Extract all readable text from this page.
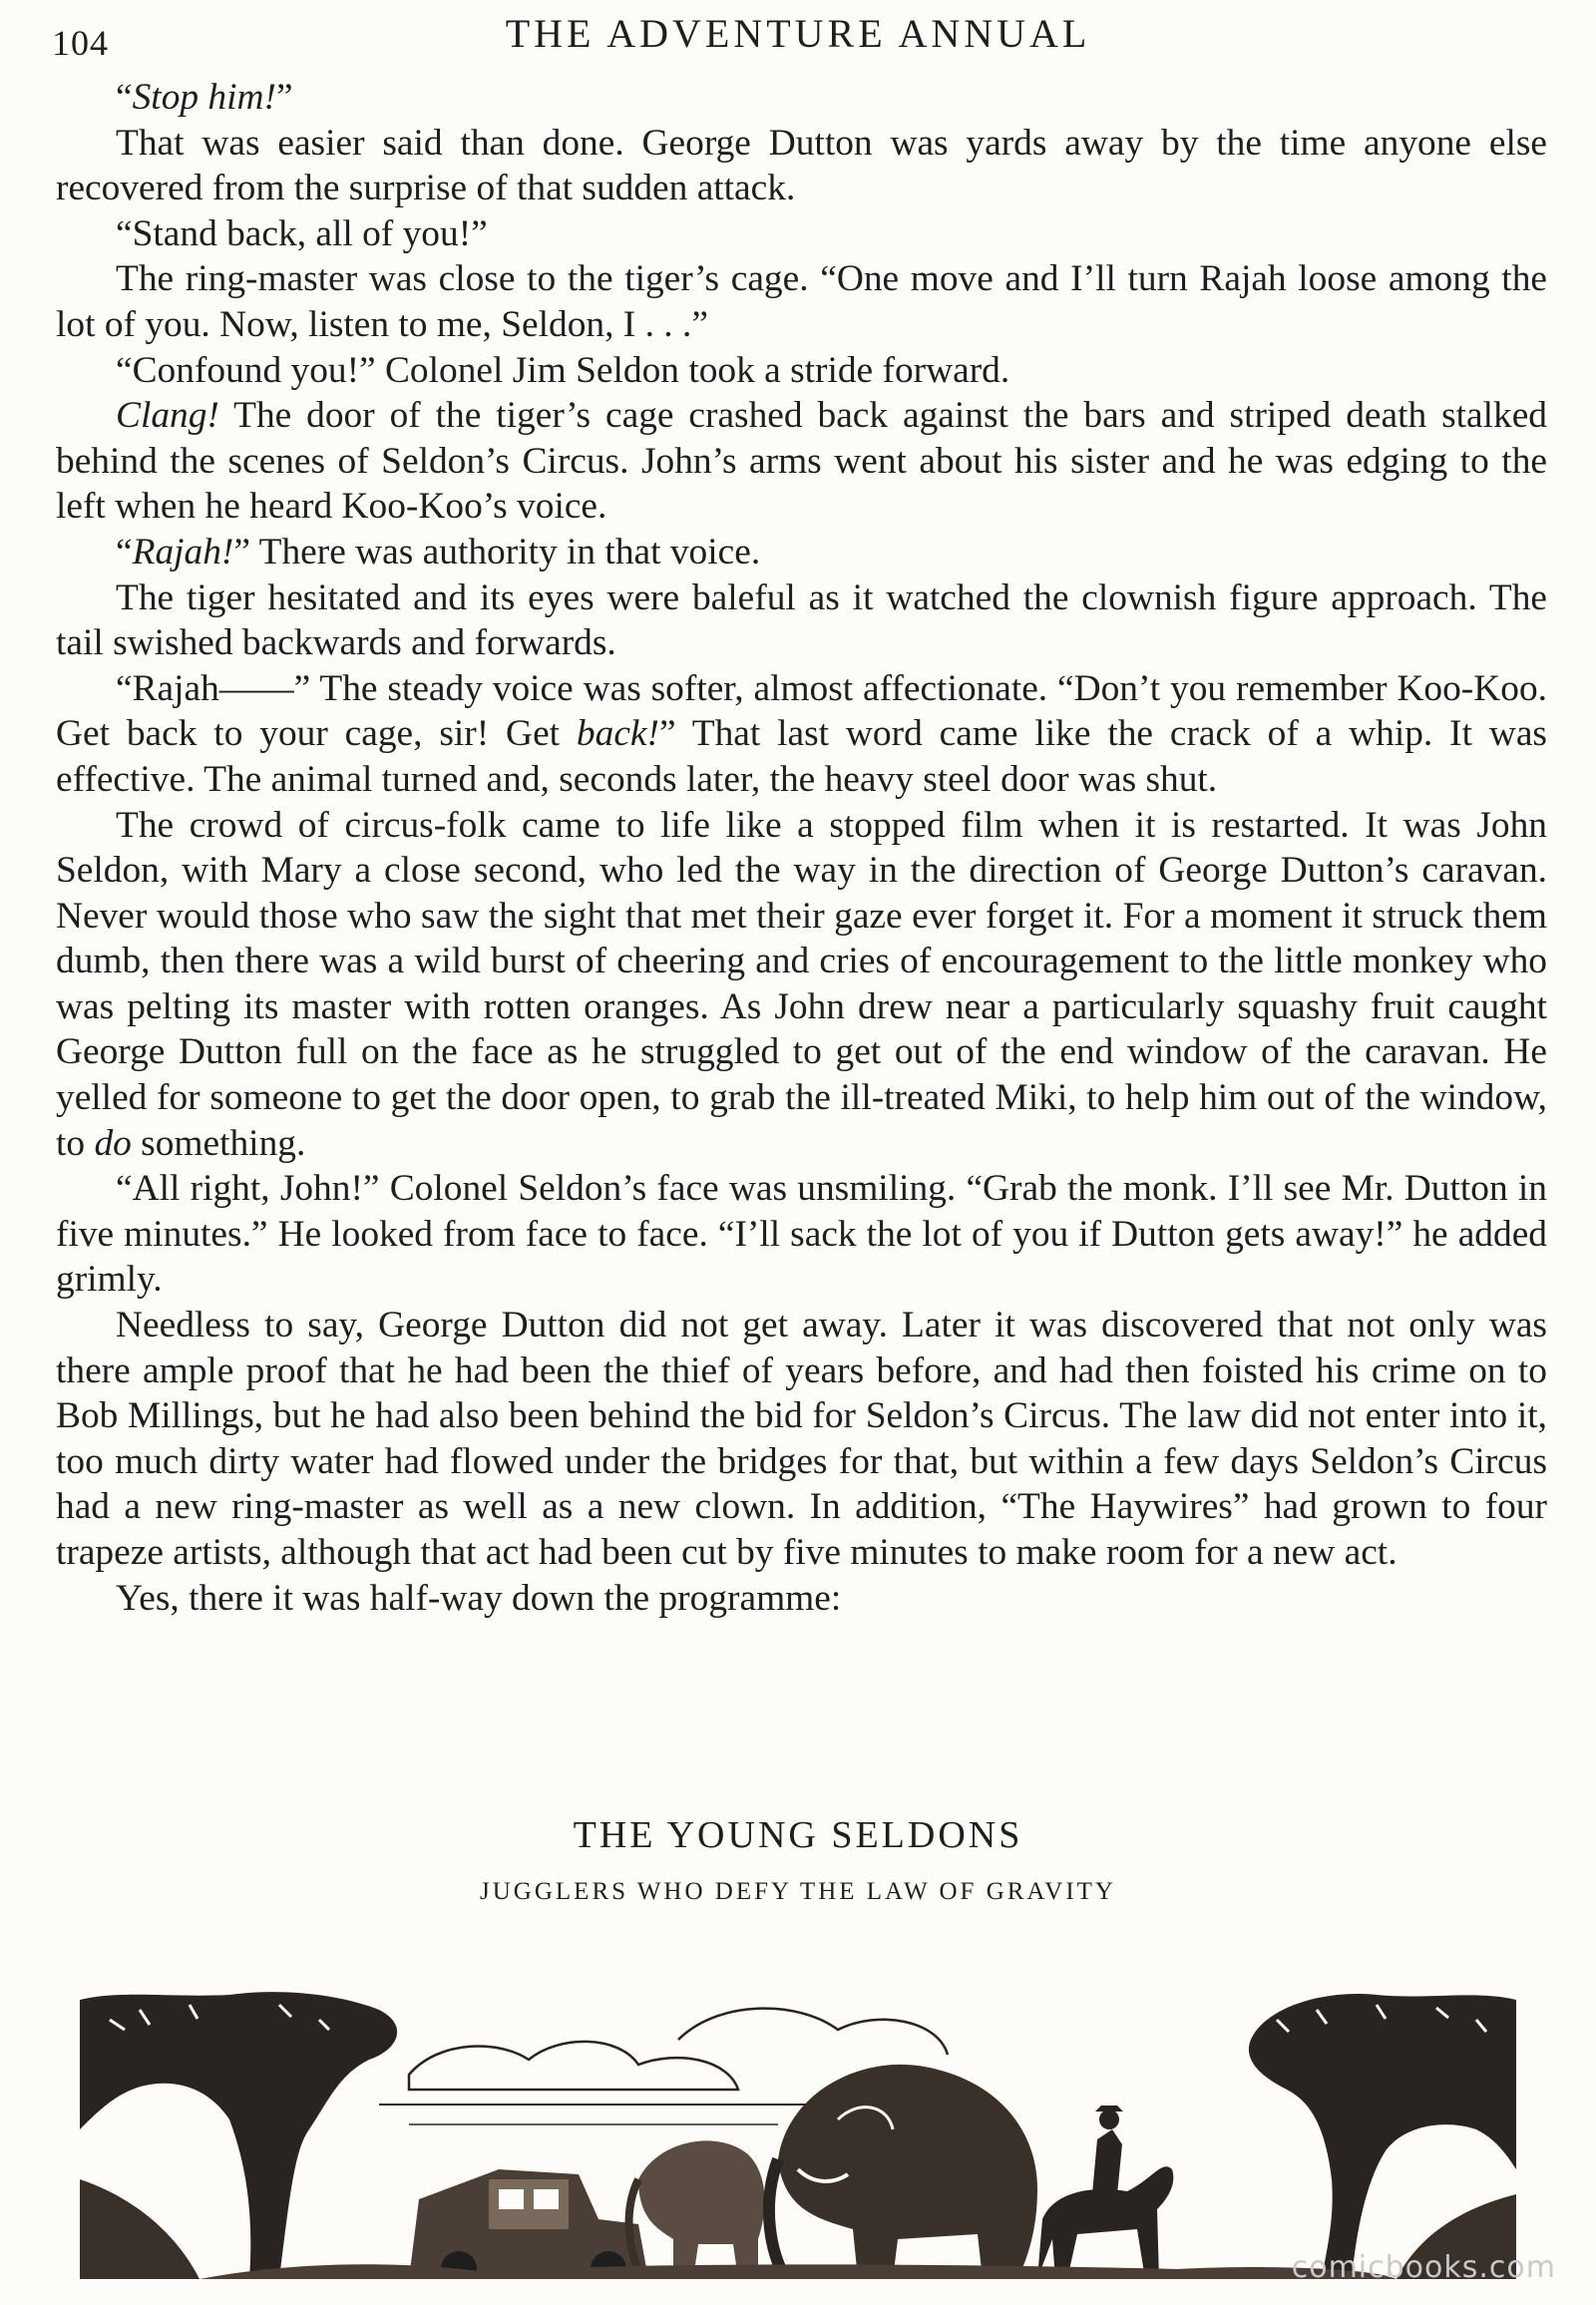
104	THE ADVENTURE ANNUAL

“Stop him!”

That was easier said than done. George Dutton was yards away by the time anyone else recovered from the surprise of that sudden attack.

“Stand back, all of you!”

The ring-master was close to the tiger’s cage. “One move and I’ll turn Rajah loose among the lot of you. Now, listen to me, Seldon, I . . .”

“Confound you!” Colonel Jim Seldon took a stride forward.

Clang! The door of the tiger’s cage crashed back against the bars and striped death stalked behind the scenes of Seldon’s Circus. John’s arms went about his sister and he was edging to the left when he heard Koo-Koo’s voice.

“Rajah!” There was authority in that voice.

The tiger hesitated and its eyes were baleful as it watched the clownish figure approach. The tail swished backwards and forwards.

“Rajah——” The steady voice was softer, almost affectionate. “Don’t you remember Koo-Koo. Get back to your cage, sir! Get back!” That last word came like the crack of a whip. It was effective. The animal turned and, seconds later, the heavy steel door was shut.

The crowd of circus-folk came to life like a stopped film when it is restarted. It was John Seldon, with Mary a close second, who led the way in the direction of George Dutton’s caravan. Never would those who saw the sight that met their gaze ever forget it. For a moment it struck them dumb, then there was a wild burst of cheering and cries of encouragement to the little monkey who was pelting its master with rotten oranges. As John drew near a particularly squashy fruit caught George Dutton full on the face as he struggled to get out of the end window of the caravan. He yelled for someone to get the door open, to grab the ill-treated Miki, to help him out of the window, to do something.

“All right, John!” Colonel Seldon’s face was unsmiling. “Grab the monk. I’ll see Mr. Dutton in five minutes.” He looked from face to face. “I’ll sack the lot of you if Dutton gets away!” he added grimly.

Needless to say, George Dutton did not get away. Later it was discovered that not only was there ample proof that he had been the thief of years before, and had then foisted his crime on to Bob Millings, but he had also been behind the bid for Seldon’s Circus. The law did not enter into it, too much dirty water had flowed under the bridges for that, but within a few days Seldon’s Circus had a new ring-master as well as a new clown. In addition, “The Haywires” had grown to four trapeze artists, although that act had been cut by five minutes to make room for a new act.

Yes, there it was half-way down the programme:

THE YOUNG SELDONS
JUGGLERS WHO DEFY THE LAW OF GRAVITY
comicbooks.com
